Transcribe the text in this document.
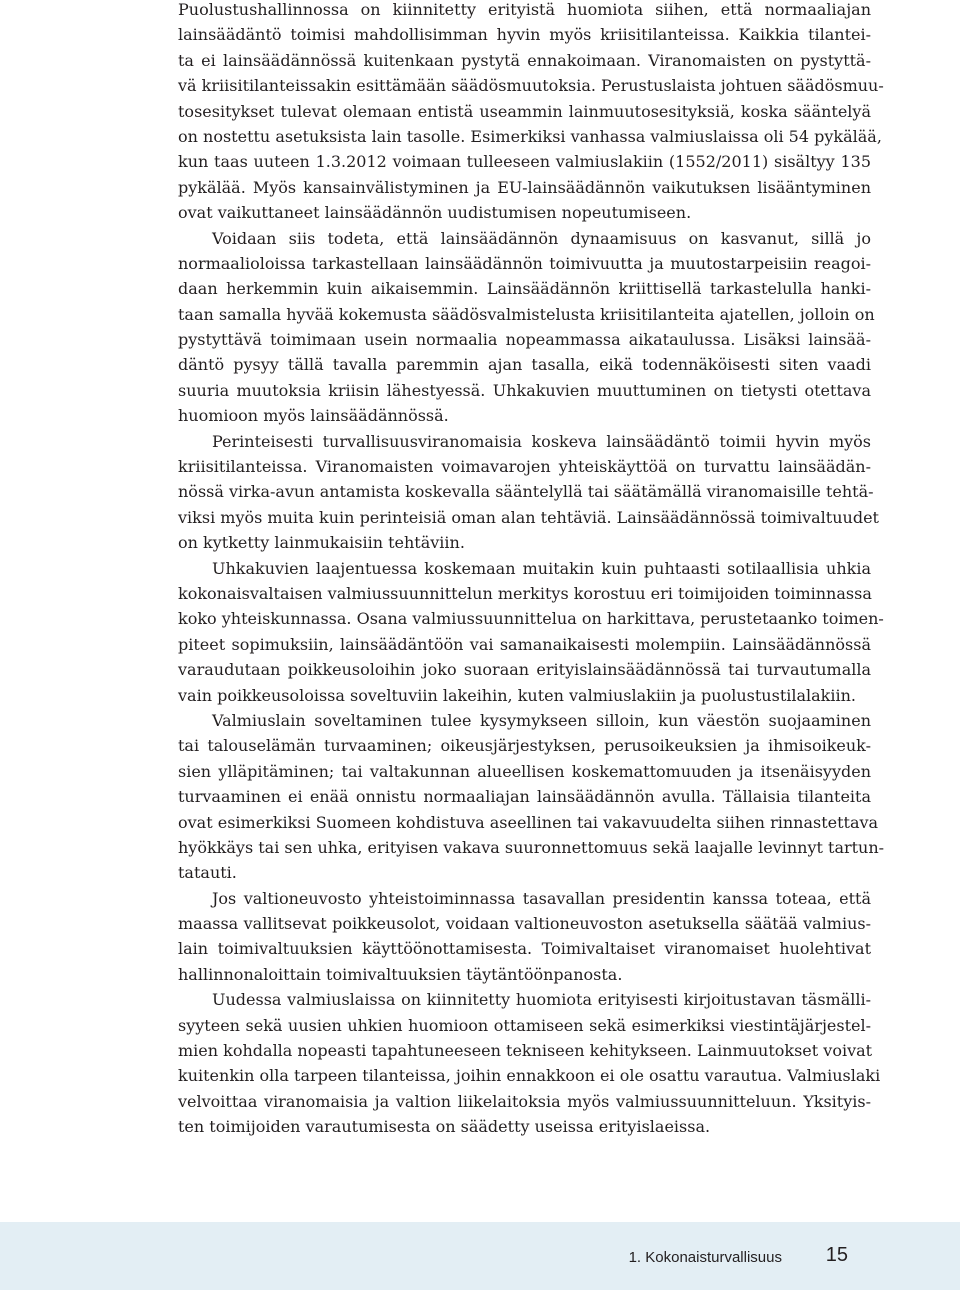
Puolustushallinnossa on kiinnitetty erityistä huomiota siihen, että normaaliajan
lainsäädäntö toimisi mahdollisimman hyvin myös kriisitilanteissa. Kaikkia tilantei-
ta ei lainsäädännössä kuitenkaan pystytä ennakoimaan. Viranomaisten on pystyttä-
vä kriisitilanteissakin esittämään säädösmuutoksia. Perustuslaista johtuen säädösmuu-
tosesitykset tulevat olemaan entistä useammin lainmuutosesityksiä, koska sääntelyä
on nostettu asetuksista lain tasolle. Esimerkiksi vanhassa valmiuslaissa oli 54 pykälää,
kun taas uuteen 1.3.2012 voimaan tulleeseen valmiuslakiin (1552/2011) sisältyy 135
pykälää. Myös kansainvälistyminen ja EU-lainsäädännön vaikutuksen lisääntyminen
ovat vaikuttaneet lainsäädännön uudistumisen nopeutumiseen.
Voidaan siis todeta, että lainsäädännön dynaamisuus on kasvanut, sillä jo
normaalioloissa tarkastellaan lainsäädännön toimivuutta ja muutostarpeisiin reagoi-
daan herkemmin kuin aikaisemmin. Lainsäädännön kriittisellä tarkastelulla hanki-
taan samalla hyvää kokemusta säädösvalmistelusta kriisitilanteita ajatellen, jolloin on
pystyttävä toimimaan usein normaalia nopeammassa aikataulussa. Lisäksi lainsää-
däntö pysyy tällä tavalla paremmin ajan tasalla, eikä todennäköisesti siten vaadi
suuria muutoksia kriisin lähestyessä. Uhkakuvien muuttuminen on tietysti otettava
huomioon myös lainsäädännössä.
Perinteisesti turvallisuusviranomaisia koskeva lainsäädäntö toimii hyvin myös
kriisitilanteissa. Viranomaisten voimavarojen yhteiskäyttöä on turvattu lainsäädän-
nössä virka-avun antamista koskevalla sääntelyllä tai säätämällä viranomaisille tehtä-
viksi myös muita kuin perinteisiä oman alan tehtäviä. Lainsäädännössä toimivaltuudet
on kytketty lainmukaisiin tehtäviin.
Uhkakuvien laajentuessa koskemaan muitakin kuin puhtaasti sotilaallisia uhkia
kokonaisvaltaisen valmiussuunnittelun merkitys korostuu eri toimijoiden toiminnassa
koko yhteiskunnassa. Osana valmiussuunnittelua on harkittava, perustetaanko toimen-
piteet sopimuksiin, lainsäädäntöön vai samanaikaisesti molempiin. Lainsäädännössä
varaudutaan poikkeusoloihin joko suoraan erityislainsäädännössä tai turvautumalla
vain poikkeusoloissa soveltuviin lakeihin, kuten valmiuslakiin ja puolustustilalakiin.
Valmiuslain soveltaminen tulee kysymykseen silloin, kun väestön suojaaminen
tai talouselämän turvaaminen; oikeusjärjestyksen, perusoikeuksien ja ihmisoikeuk-
sien ylläpitäminen; tai valtakunnan alueellisen koskemattomuuden ja itsenäisyyden
turvaaminen ei enää onnistu normaaliajan lainsäädännön avulla. Tällaisia tilanteita
ovat esimerkiksi Suomeen kohdistuva aseellinen tai vakavuudelta siihen rinnastettava
hyökkäys tai sen uhka, erityisen vakava suuronnettomuus sekä laajalle levinnyt tartun-
tatauti.
Jos valtioneuvosto yhteistoiminnassa tasavallan presidentin kanssa toteaa, että
maassa vallitsevat poikkeusolot, voidaan valtioneuvoston asetuksella säätää valmius-
lain toimivaltuuksien käyttöönottamisesta. Toimivaltaiset viranomaiset huolehtivat
hallinnonaloittain toimivaltuuksien täytäntöönpanosta.
Uudessa valmiuslaissa on kiinnitetty huomiota erityisesti kirjoitustavan täsmälli-
syyteen sekä uusien uhkien huomioon ottamiseen sekä esimerkiksi viestintäjärjestel-
mien kohdalla nopeasti tapahtuneeseen tekniseen kehitykseen. Lainmuutokset voivat
kuitenkin olla tarpeen tilanteissa, joihin ennakkoon ei ole osattu varautua. Valmiuslaki
velvoittaa viranomaisia ja valtion liikelaitoksia myös valmiussuunnitteluun. Yksityis-
ten toimijoiden varautumisesta on säädetty useissa erityislaeissa.
1. Kokonaisturvallisuus 15
